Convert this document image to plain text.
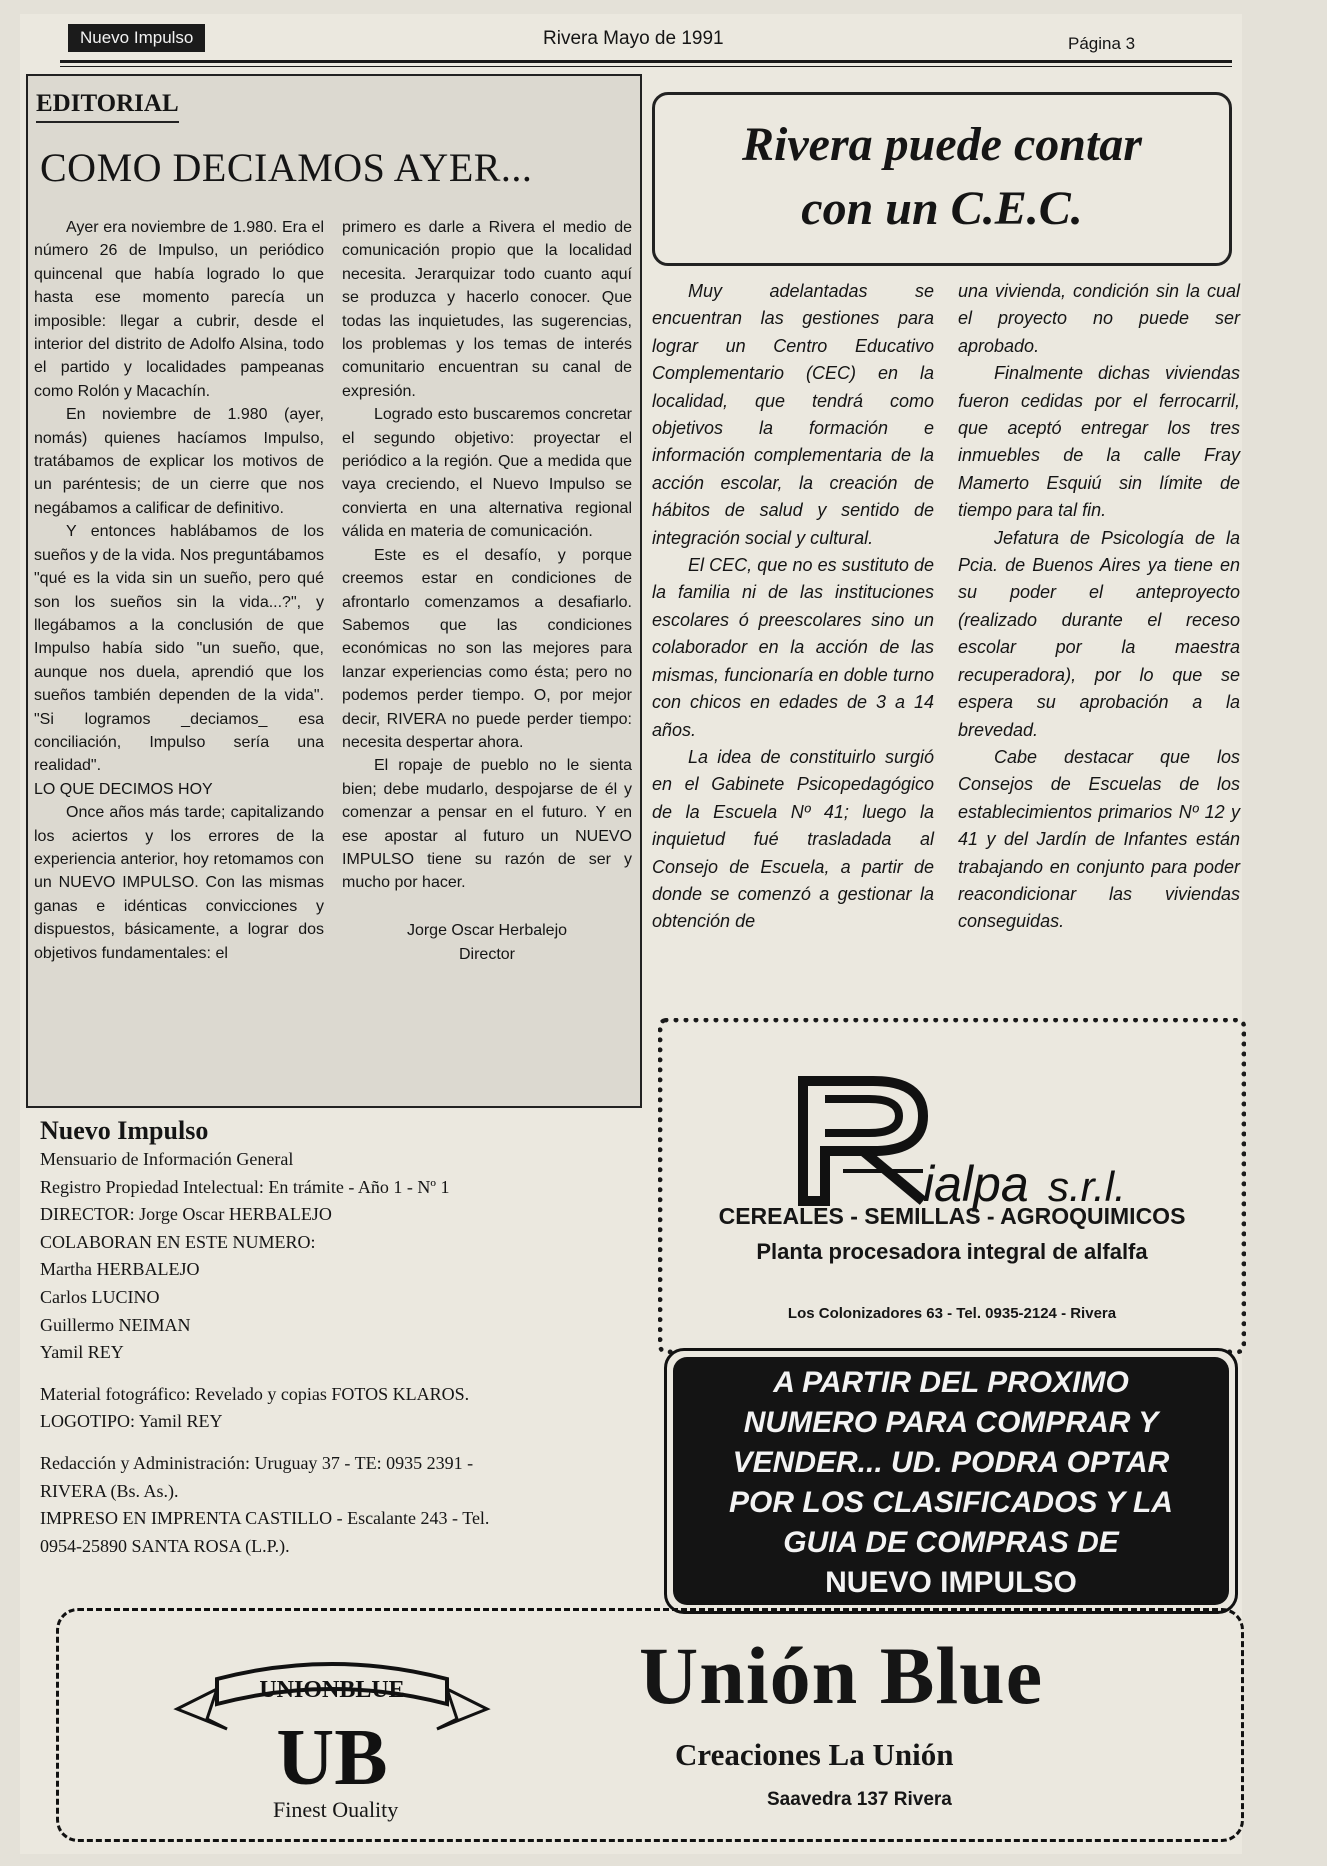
Nuevo Impulso	Rivera Mayo de 1991	Página 3
EDITORIAL
COMO DECIAMOS AYER...

Ayer era noviembre de 1.980. Era el número 26 de Impulso, un periódico quincenal que había logrado lo que hasta ese momento parecía un imposible: llegar a cubrir, desde el interior del distrito de Adolfo Alsina, todo el partido y localidades pampeanas como Rolón y Macachín.

En noviembre de 1.980 (ayer, nomás) quienes hacíamos Impulso, tratábamos de explicar los motivos de un paréntesis; de un cierre que nos negábamos a calificar de definitivo.

Y entonces hablábamos de los sueños y de la vida. Nos preguntábamos "qué es la vida sin un sueño, pero qué son los sueños sin la vida...?", y llegábamos a la conclusión de que Impulso había sido "un sueño, que, aunque nos duela, aprendió que los sueños también dependen de la vida". "Si logramos _deciamos_ esa conciliación, Impulso sería una realidad".

LO QUE DECIMOS HOY

Once años más tarde; capitalizando los aciertos y los errores de la experiencia anterior, hoy retomamos con un NUEVO IMPULSO. Con las mismas ganas e idénticas convicciones y dispuestos, básicamente, a lograr dos objetivos fundamentales: el

primero es darle a Rivera el medio de comunicación propio que la localidad necesita. Jerarquizar todo cuanto aquí se produzca y hacerlo conocer. Que todas las inquietudes, las sugerencias, los problemas y los temas de interés comunitario encuentran su canal de expresión.

Logrado esto buscaremos concretar el segundo objetivo: proyectar el periódico a la región. Que a medida que vaya creciendo, el Nuevo Impulso se convierta en una alternativa regional válida en materia de comunicación.

Este es el desafío, y porque creemos estar en condiciones de afrontarlo comenzamos a desafiarlo. Sabemos que las condiciones económicas no son las mejores para lanzar experiencias como ésta; pero no podemos perder tiempo. O, por mejor decir, RIVERA no puede perder tiempo: necesita despertar ahora.

El ropaje de pueblo no le sienta bien; debe mudarlo, despojarse de él y comenzar a pensar en el futuro. Y en ese apostar al futuro un NUEVO IMPULSO tiene su razón de ser y mucho por hacer.

Jorge Oscar Herbalejo
Director

Rivera puede contar
con un C.E.C.

Muy adelantadas se encuentran las gestiones para lograr un Centro Educativo Complementario (CEC) en la localidad, que tendrá como objetivos la formación e información complementaria de la acción escolar, la creación de hábitos de salud y sentido de integración social y cultural.

El CEC, que no es sustituto de la familia ni de las instituciones escolares ó preescolares sino un colaborador en la acción de las mismas, funcionaría en doble turno con chicos en edades de 3 a 14 años.

La idea de constituirlo surgió en el Gabinete Psicopedagógico de la Escuela Nº 41; luego la inquietud fué trasladada al Consejo de Escuela, a partir de donde se comenzó a gestionar la obtención de

una vivienda, condición sin la cual el proyecto no puede ser aprobado.

Finalmente dichas viviendas fueron cedidas por el ferrocarril, que aceptó entregar los tres inmuebles de la calle Fray Mamerto Esquiú sin límite de tiempo para tal fin.

Jefatura de Psicología de la Pcia. de Buenos Aires ya tiene en su poder el anteproyecto (realizado durante el receso escolar por la maestra recuperadora), por lo que se espera su aprobación a la brevedad.

Cabe destacar que los Consejos de Escuelas de los establecimientos primarios Nº 12 y 41 y del Jardín de Infantes están trabajando en conjunto para poder reacondicionar las viviendas conseguidas.

ialpa s.r.l.
CEREALES - SEMILLAS - AGROQUIMICOS
Planta procesadora integral de alfalfa
Los Colonizadores 63 - Tel. 0935-2124 - Rivera
A PARTIR DEL PROXIMO
NUMERO PARA COMPRAR Y
VENDER... UD. PODRA OPTAR
POR LOS CLASIFICADOS Y LA
GUIA DE COMPRAS DE
NUEVO IMPULSO
Nuevo Impulso
Mensuario de Información General
Registro Propiedad Intelectual: En trámite - Año 1 - Nº 1
DIRECTOR: Jorge Oscar HERBALEJO
COLABORAN EN ESTE NUMERO:
Martha HERBALEJO
Carlos LUCINO
Guillermo NEIMAN
Yamil REY
Material fotográfico: Revelado y copias FOTOS KLAROS.
LOGOTIPO: Yamil REY
Redacción y Administración: Uruguay 37 - TE: 0935 2391 -
RIVERA (Bs. As.).
IMPRESO EN IMPRENTA CASTILLO - Escalante 243 - Tel.
0954-25890 SANTA ROSA (L.P.).
UNIONBLUE
UB
Finest Ouality
Unión Blue
Creaciones La Unión
Saavedra 137 Rivera
